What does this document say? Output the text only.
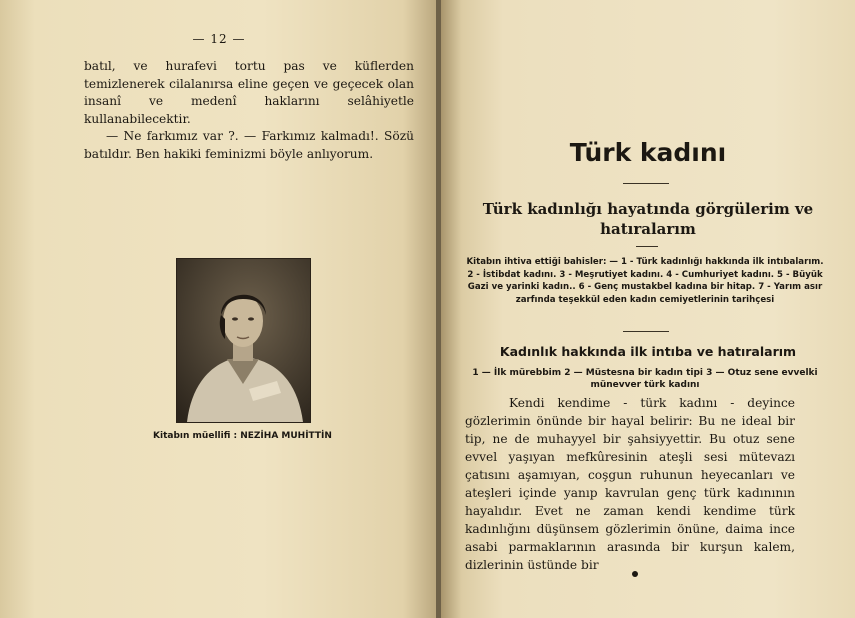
— 12 —

batıl, ve hurafevi tortu pas ve küflerden temizlenerek cilalanırsa eline geçen ve geçecek olan insanî ve medenî haklarını selâhiyetle kullanabilecektir.

— Ne farkımız var ?. — Farkımız kalmadı!. Sözü batıldır. Ben hakiki feminizmi böyle anlıyorum.

Kitabın müellifi : NEZİHA MUHİTTİN
Türk kadını
Türk kadınlığı hayatında görgülerim ve hatıralarım
Kitabın ihtiva ettiği bahisler: — 1 - Türk kadınlığı hakkında ilk intıbalarım. 2 - İstibdat kadını. 3 - Meşrutiyet kadını. 4 - Cumhuriyet kadını. 5 - Büyük Gazi ve yarinki kadın.. 6 - Genç mustakbel kadına bir hitap. 7 - Yarım asır zarfında teşekkül eden kadın cemiyetlerinin tarihçesi
Kadınlık hakkında ilk intıba ve hatıralarım
1 — İlk mürebbim 2 — Müstesna bir kadın tipi 3 — Otuz sene evvelki münevver türk kadını
Kendi kendime - türk kadını - deyince gözlerimin önünde bir hayal belirir: Bu ne ideal bir tip, ne de muhayyel bir şahsiyyettir. Bu otuz sene evvel yaşıyan mefkûresinin ateşli sesi mütevazı çatısını aşamıyan, coşgun ruhunun heyecanları ve ateşleri içinde yanıp kavrulan genç türk kadınının hayalıdır. Evet ne zaman kendi kendime türk kadınlığını düşünsem gözlerimin önüne, daima ince asabi parmaklarının arasında bir kurşun kalem, dizlerinin üstünde bir
